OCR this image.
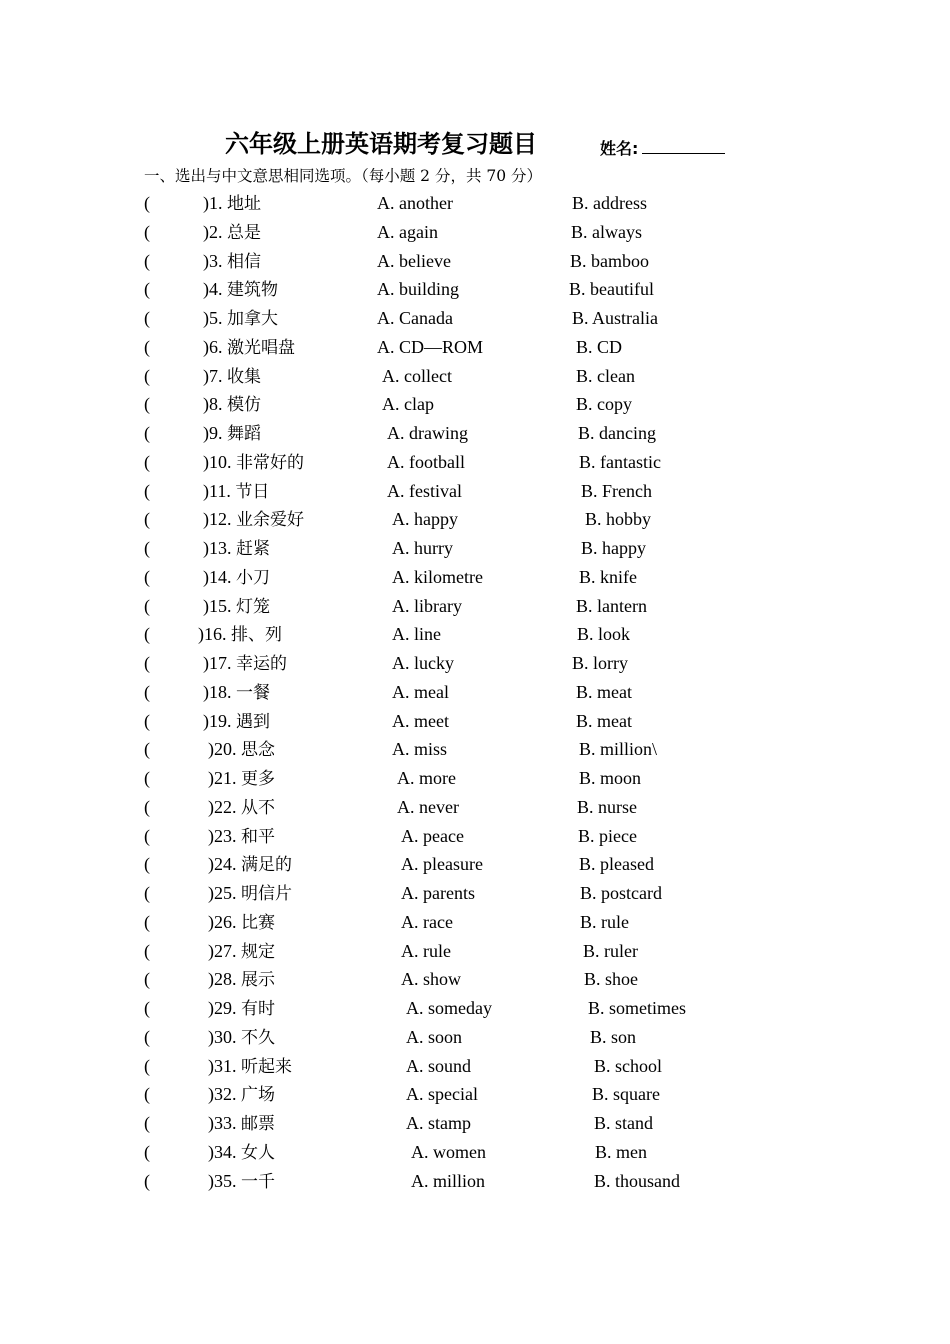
六年级上册英语期考复习题目	姓名:
一、选出与中文意思相同选项。（每小题 2 分，共 70 分）
(	)1. 地址	A. another	B. address
(	)2. 总是	A. again	B. always
(	)3. 相信	A. believe	B. bamboo
(	)4. 建筑物	A. building	B. beautiful
(	)5. 加拿大	A. Canada	B. Australia
(	)6. 激光唱盘	A. CD—ROM	B. CD
(	)7. 收集	A. collect	B. clean
(	)8. 模仿	A. clap	B. copy
(	)9. 舞蹈	A. drawing	B. dancing
(	)10. 非常好的	A. football	B. fantastic
(	)11. 节日	A. festival	B. French
(	)12. 业余爱好	A. happy	B. hobby
(	)13. 赶紧	A. hurry	B. happy
(	)14. 小刀	A. kilometre	B. knife
(	)15. 灯笼	A. library	B. lantern
(	)16. 排、列	A. line	B. look
(	)17. 幸运的	A. lucky	B. lorry
(	)18. 一餐	A. meal	B. meat
(	)19. 遇到	A. meet	B. meat
(	)20. 思念	A. miss	B. million\
(	)21. 更多	A. more	B. moon
(	)22. 从不	A. never	B. nurse
(	)23. 和平	A. peace	B. piece
(	)24. 满足的	A. pleasure	B. pleased
(	)25. 明信片	A. parents	B. postcard
(	)26. 比赛	A. race	B. rule
(	)27. 规定	A. rule	B. ruler
(	)28. 展示	A. show	B. shoe
(	)29. 有时	A. someday	B. sometimes
(	)30. 不久	A. soon	B. son
(	)31. 听起来	A. sound	B. school
(	)32. 广场	A. special	B. square
(	)33. 邮票	A. stamp	B. stand
(	)34. 女人	A. women	B. men
(	)35. 一千	A. million	B. thousand
